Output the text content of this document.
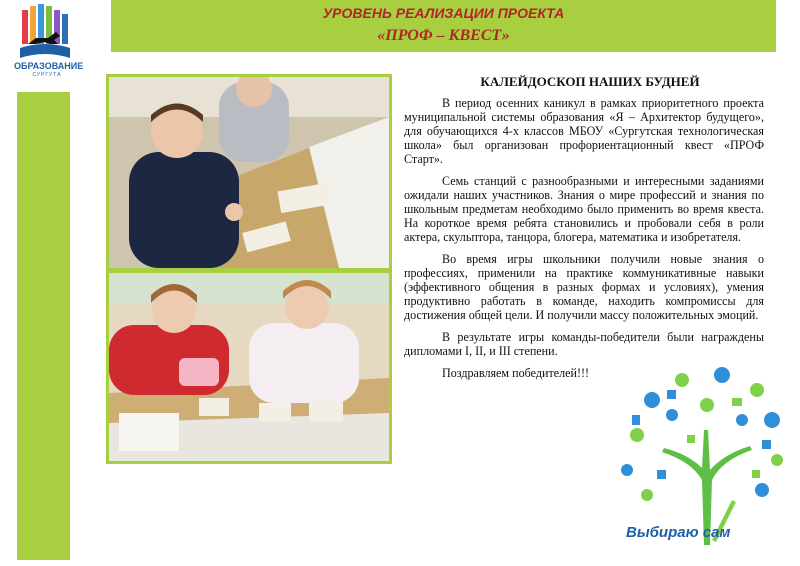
ОБРАЗОВАНИЕ
СУРГУТА
УРОВЕНЬ РЕАЛИЗАЦИИ ПРОЕКТА
«ПРОФ – КВЕСТ»
КАЛЕЙДОСКОП НАШИХ БУДНЕЙ

В период осенних каникул в рамках приоритетного проекта муниципальной системы образования «Я – Архитектор будущего», для обучающихся 4-х классов МБОУ «Сургутская технологическая школа» был организован профориентационный квест «ПРОФ Старт».

Семь станций с разнообразными и интересными заданиями ожидали наших участников. Знания о мире профессий и знания по школьным предметам необходимо было применить во время квеста. На короткое время ребята становились и пробовали себя в роли актера, скульптора, танцора, блогера, математика и изобретателя.

Во время игры школьники получили новые знания о профессиях, применили на практике коммуникативные навыки (эффективного общения в разных формах и условиях), умения продуктивно работать в команде, находить компромиссы для достижения общей цели. И получили массу положительных эмоций.

В результате игры команды-победители были награждены дипломами I, II, и III степени.

Поздравляем победителей!!!

Выбираю сам
